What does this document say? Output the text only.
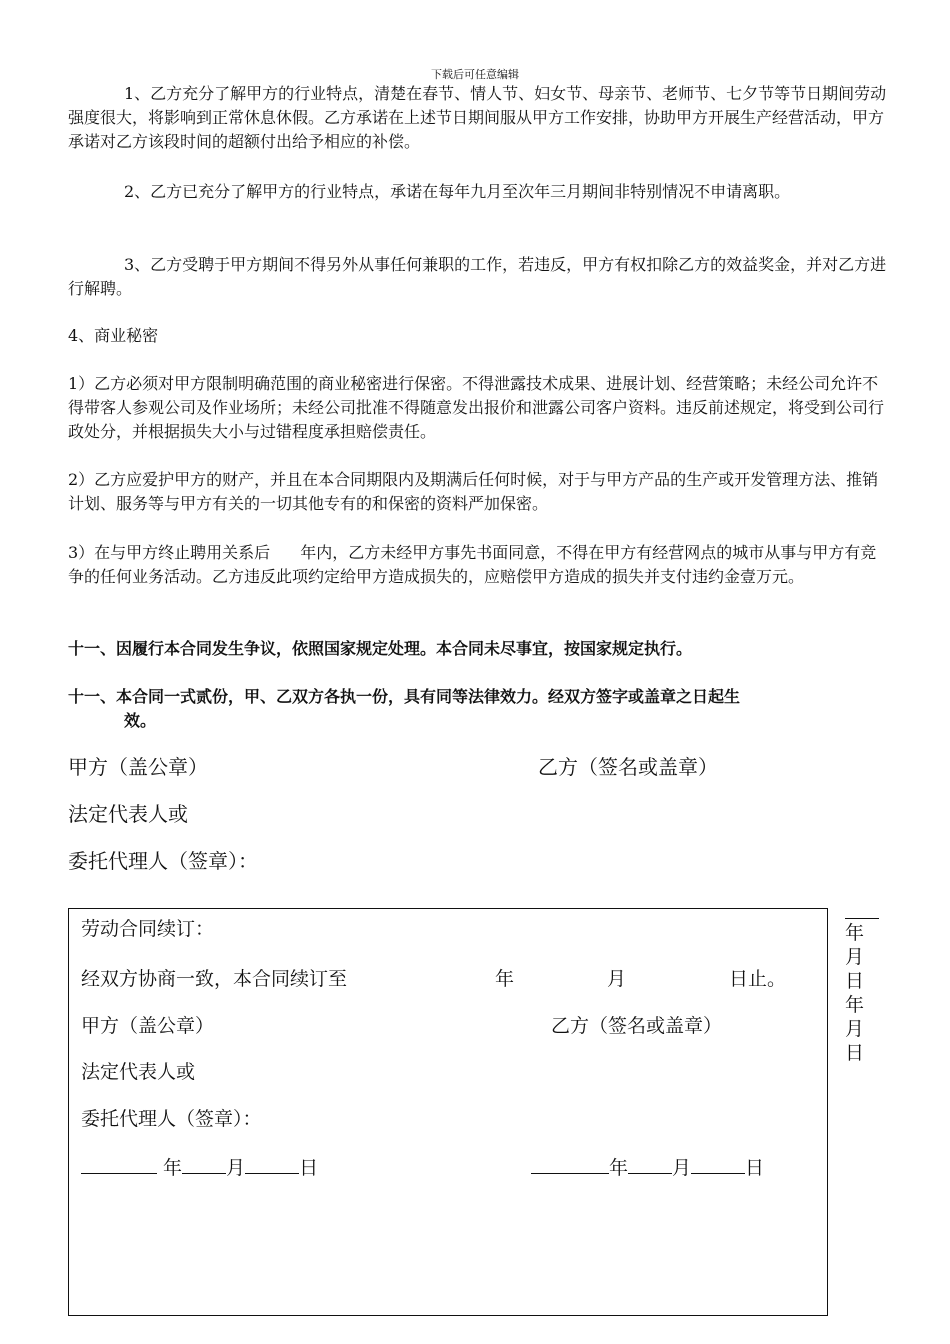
下载后可任意编辑

1、乙方充分了解甲方的行业特点，清楚在春节、情人节、妇女节、母亲节、老师节、七夕节等节日期间劳动强度很大，将影响到正常休息休假。乙方承诺在上述节日期间服从甲方工作安排，协助甲方开展生产经营活动，甲方承诺对乙方该段时间的超额付出给予相应的补偿。

2、乙方已充分了解甲方的行业特点，承诺在每年九月至次年三月期间非特别情况不申请离职。

3、乙方受聘于甲方期间不得另外从事任何兼职的工作，若违反，甲方有权扣除乙方的效益奖金，并对乙方进行解聘。

4、商业秘密

1）乙方必须对甲方限制明确范围的商业秘密进行保密。不得泄露技术成果、进展计划、经营策略；未经公司允许不得带客人参观公司及作业场所；未经公司批准不得随意发出报价和泄露公司客户资料。违反前述规定，将受到公司行政处分，并根据损失大小与过错程度承担赔偿责任。

2）乙方应爱护甲方的财产，并且在本合同期限内及期满后任何时候，对于与甲方产品的生产或开发管理方法、推销计划、服务等与甲方有关的一切其他专有的和保密的资料严加保密。

3）在与甲方终止聘用关系后 年内，乙方未经甲方事先书面同意，不得在甲方有经营网点的城市从事与甲方有竞争的任何业务活动。乙方违反此项约定给甲方造成损失的，应赔偿甲方造成的损失并支付违约金壹万元。

十一、因履行本合同发生争议，依照国家规定处理。本合同未尽事宜，按国家规定执行。

十一、本合同一式贰份，甲、乙双方各执一份，具有同等法律效力。经双方签字或盖章之日起生
效。

甲方（盖公章）	乙方（签名或盖章）
法定代表人或
委托代理人（签章）：
劳动合同续订：
经双方协商一致，本合同续订至	年	月	日止。
甲方（盖公章）	乙方（签名或盖章）
法定代表人或
委托代理人（签章）：
年 月	日	年 月	日
年
月
日
年
月
日
